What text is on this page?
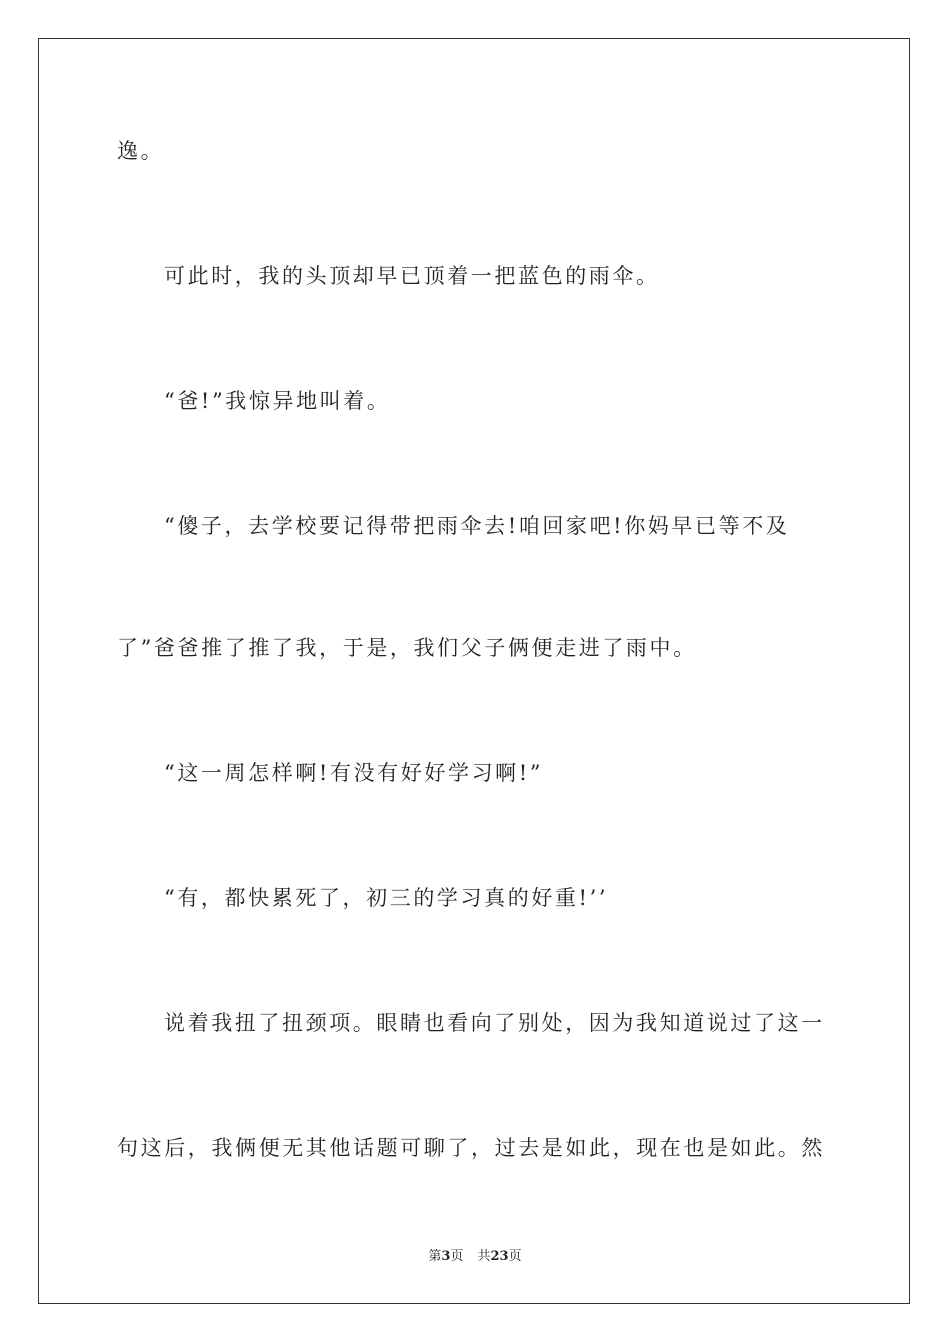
逸。
可此时，我的头顶却早已顶着一把蓝色的雨伞。
“爸!”我惊异地叫着。
“傻子，去学校要记得带把雨伞去!咱回家吧!你妈早已等不及
了”爸爸推了推了我，于是，我们父子俩便走进了雨中。
“这一周怎样啊!有没有好好学习啊!”
“有，都快累死了，初三的学习真的好重!’’
说着我扭了扭颈项。眼睛也看向了别处，因为我知道说过了这一
句这后，我俩便无其他话题可聊了，过去是如此，现在也是如此。然
第3页 共23页
